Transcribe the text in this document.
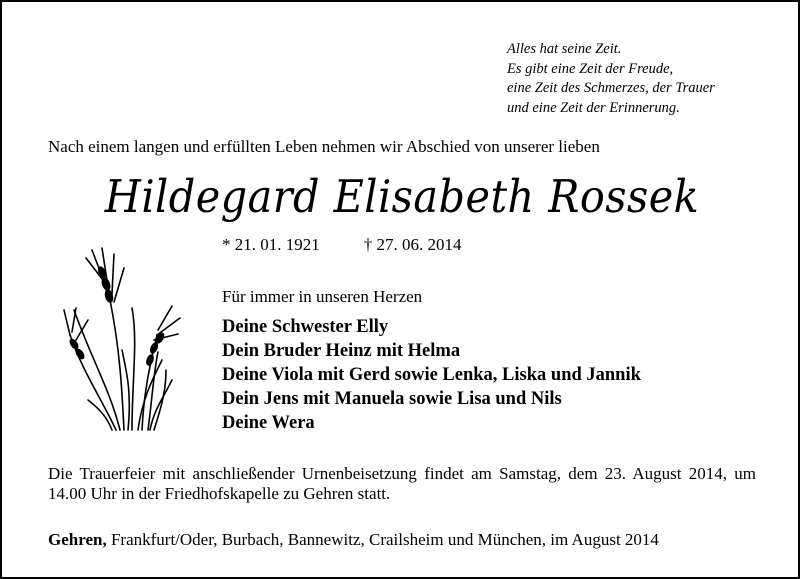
Alles hat seine Zeit.
Es gibt eine Zeit der Freude,
eine Zeit des Schmerzes, der Trauer
und eine Zeit der Erinnerung.
Nach einem langen und erfüllten Leben nehmen wir Abschied von unserer lieben
Hildegard Elisabeth Rossek
* 21. 01. 1921	† 27. 06. 2014
Für immer in unseren Herzen
Deine Schwester Elly
Dein Bruder Heinz mit Helma
Deine Viola mit Gerd sowie Lenka, Liska und Jannik
Dein Jens mit Manuela sowie Lisa und Nils
Deine Wera
Die Trauerfeier mit anschließender Urnenbeisetzung findet am Samstag, dem 23. August 2014, um 14.00 Uhr in der Friedhofskapelle zu Gehren statt.
Gehren, Frankfurt/Oder, Burbach, Bannewitz, Crailsheim und München, im August 2014
